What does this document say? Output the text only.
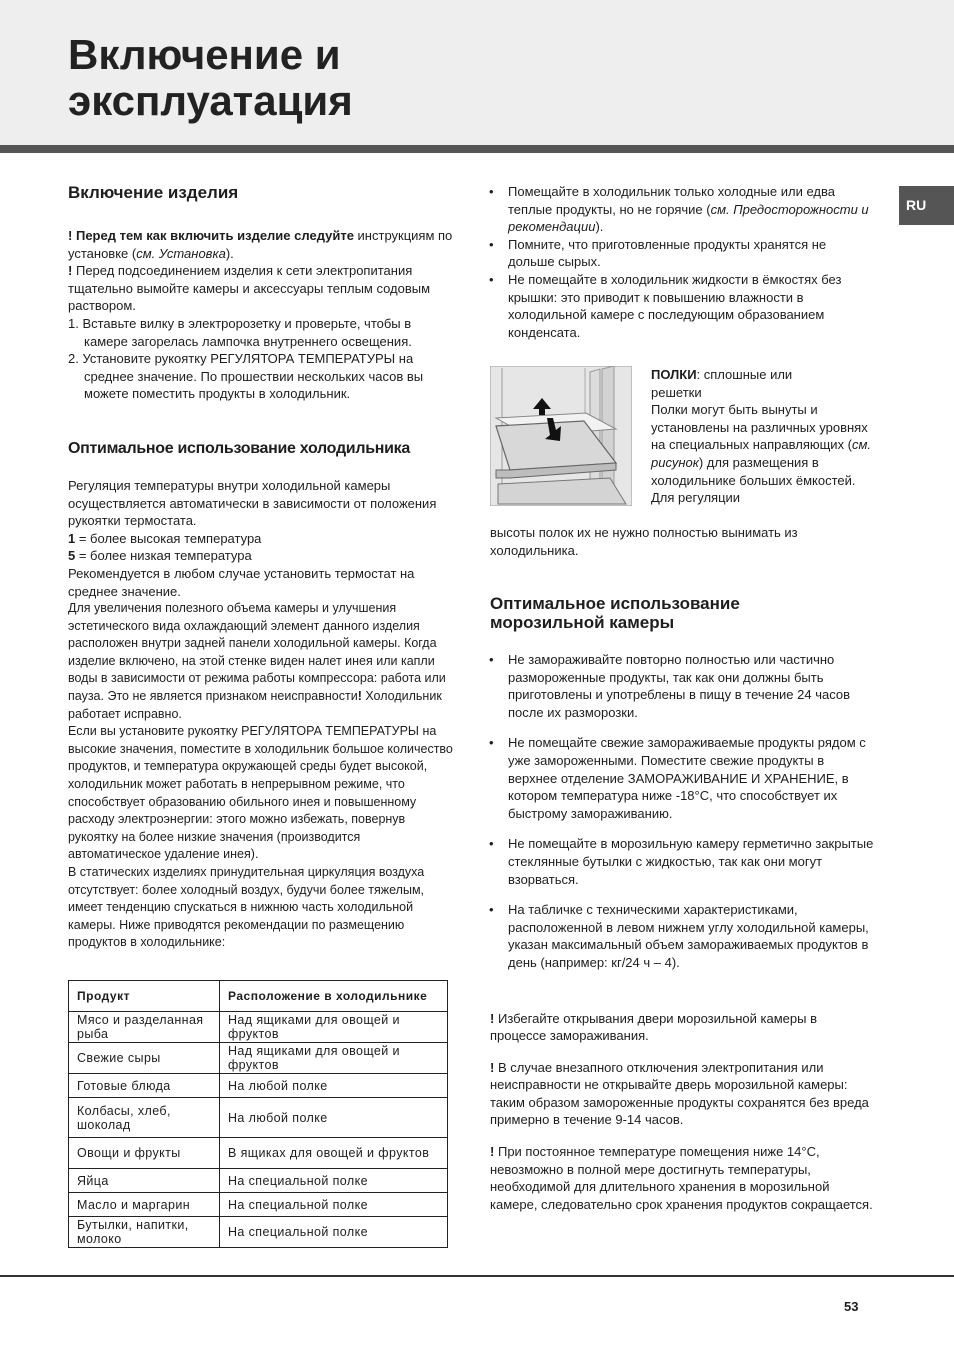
Включение и
эксплуатация
RU

Включение изделия

! Перед тем как включить изделие следуйте инструкциям по установке (см. Установка).

! Перед подсоединением изделия к сети электропитания тщательно вымойте камеры и аксессуары теплым содовым раствором.

1. Вставьте вилку в электророзетку и проверьте, чтобы в камере загорелась лампочка внутреннего освещения.
2. Установите рукоятку РЕГУЛЯТОРА ТЕМПЕРАТУРЫ на среднее значение. По прошествии нескольких часов вы можете поместить продукты в холодильник.

Оптимальное использование холодильника

Регуляция температуры внутри холодильной камеры осуществляется автоматически в зависимости от положения рукоятки термостата.

1 = более высокая температура

5 = более низкая температура

Рекомендуется в любом случае установить термостат на среднее значение.

Для увеличения полезного объема камеры и улучшения эстетического вида охлаждающий элемент данного изделия расположен внутри задней панели холодильной камеры. Когда изделие включено, на этой стенке виден налет инея или капли воды в зависимости от режима работы компрессора: работа или пауза. Это не является признаком неисправности! Холодильник работает исправно.

Если вы установите рукоятку РЕГУЛЯТОРА ТЕМПЕРАТУРЫ на высокие значения, поместите в холодильник большое количество продуктов, и температура окружающей среды будет высокой, холодильник может работать в непрерывном режиме, что способствует образованию обильного инея и повышенному расходу электроэнергии: этого можно избежать, повернув рукоятку на более низкие значения (производится автоматическое удаление инея).

В статических изделиях принудительная циркуляция воздуха отсутствует: более холодный воздух, будучи более тяжелым, имеет тенденцию спускаться в нижнюю часть холодильной камеры. Ниже приводятся рекомендации по размещению продуктов в холодильнике:

Продукт	Расположение в холодильнике
Мясо и разделанная рыба	Над ящиками для овощей и фруктов
Свежие сыры	Над ящиками для овощей и фруктов
Готовые блюда	На любой полке
Колбасы, хлеб, шоколад	На любой полке
Овощи и фрукты	В ящиках для овощей и фруктов
Яйца	На специальной полке
Масло и маргарин	На специальной полке
Бутылки, напитки, молоко	На специальной полке
• Помещайте в холодильник только холодные или едва теплые продукты, но не горячие (см. Предосторожности и рекомендации).
• Помните, что приготовленные продукты хранятся не дольше сырых.
• Не помещайте в холодильник жидкости в ёмкостях без крышки: это приводит к повышению влажности в холодильной камере с последующим образованием конденсата.

ПОЛКИ: сплошные или

решетки

Полки могут быть вынуты и установлены на различных уровнях на специальных направляющих (см. рисунок) для размещения в холодильнике больших ёмкостей. Для регуляции

высоты полок их не нужно полностью вынимать из холодильника.

Оптимальное использование
морозильной камеры

• Не замораживайте повторно полностью или частично размороженные продукты, так как они должны быть приготовлены и употреблены в пищу в течение 24 часов после их разморозки.
• Не помещайте свежие замораживаемые продукты рядом с уже замороженными. Поместите свежие продукты в верхнее отделение ЗАМОРАЖИВАНИЕ И ХРАНЕНИЕ, в котором температура ниже -18°C, что способствует их быстрому замораживанию.
• Не помещайте в морозильную камеру герметично закрытые стеклянные бутылки с жидкостью, так как они могут взорваться.
• На табличке с техническими характеристиками, расположенной в левом нижнем углу холодильной камеры, указан максимальный объем замораживаемых продуктов в день (например: кг/24 ч – 4).

! Избегайте открывания двери морозильной камеры в процессе замораживания.

! В случае внезапного отключения электропитания или неисправности не открывайте дверь морозильной камеры: таким образом замороженные продукты сохранятся без вреда примерно в течение 9-14 часов.

! При постоянное температуре помещения ниже 14°C, невозможно в полной мере достигнуть температуры, необходимой для длительного хранения в морозильной камере, следовательно срок хранения продуктов сокращается.

53
